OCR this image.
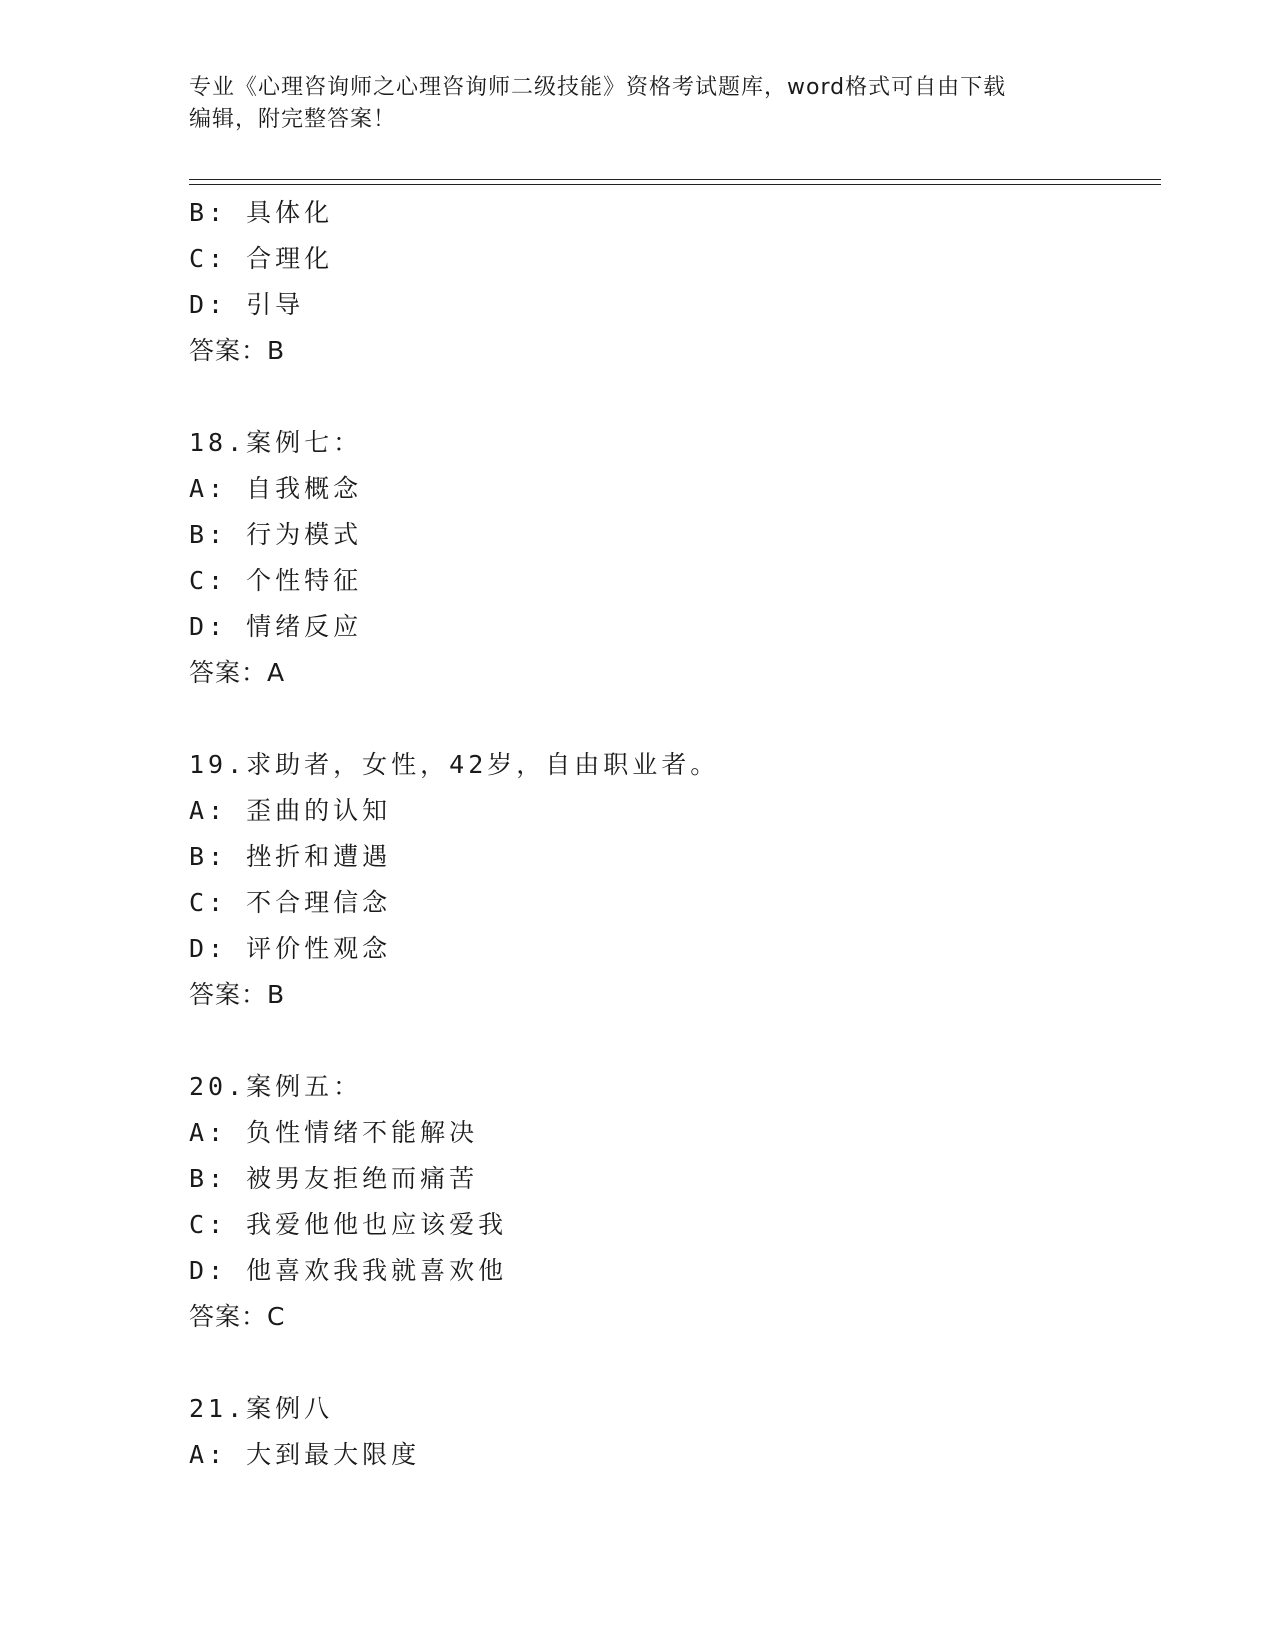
专业《心理咨询师之心理咨询师二级技能》资格考试题库，word格式可自由下载
编辑，附完整答案！
B: 具体化
C: 合理化
D: 引导
答案：B
18.案例七：
A: 自我概念
B: 行为模式
C: 个性特征
D: 情绪反应
答案：A
19.求助者，女性，42岁，自由职业者。
A: 歪曲的认知
B: 挫折和遭遇
C: 不合理信念
D: 评价性观念
答案：B
20.案例五：
A: 负性情绪不能解决
B: 被男友拒绝而痛苦
C: 我爱他他也应该爱我
D: 他喜欢我我就喜欢他
答案：C
21.案例八
A: 大到最大限度
